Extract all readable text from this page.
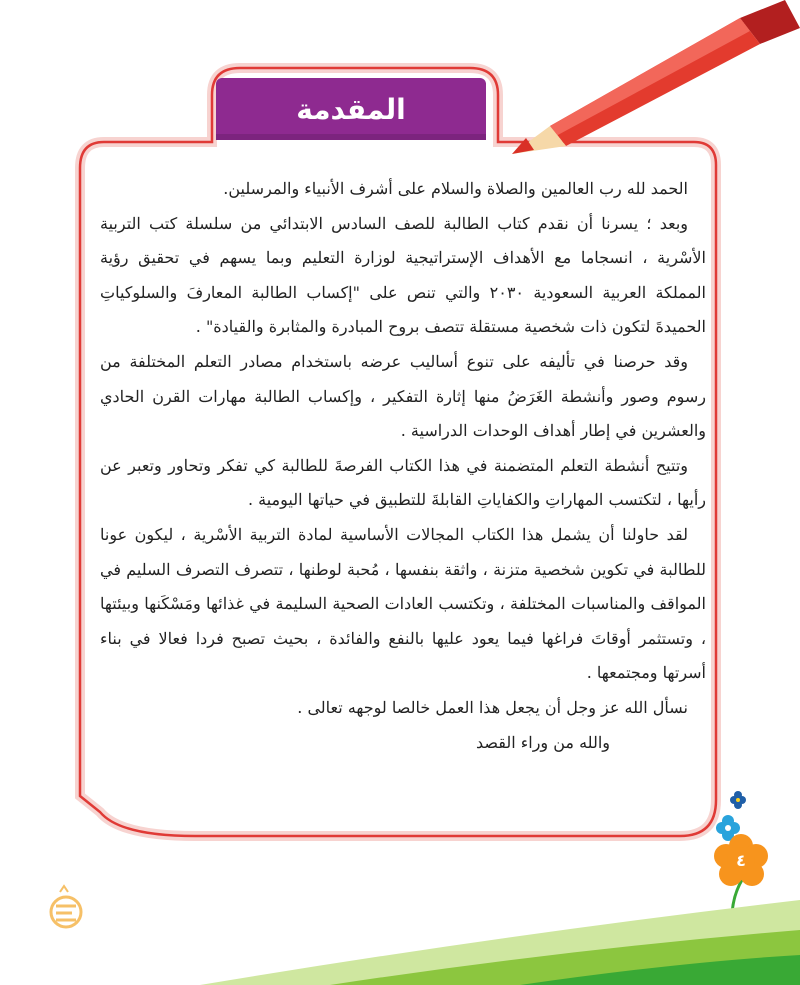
المقدمة

الحمد لله رب العالمين والصلاة والسلام على أشرف الأنبياء والمرسلين.

وبعد ؛ يسرنا أن نقدم كتاب الطالبة للصف السادس الابتدائي من سلسلة كتب التربية الأسْرية ، انسجاما مع الأهداف الإستراتيجية لوزارة التعليم وبما يسهم في تحقيق رؤية المملكة العربية السعودية ٢٠٣٠ والتي تنص على "إكساب الطالبة المعارفَ والسلوكياتِ الحميدةَ لتكون ذات شخصية مستقلة تتصف بروح المبادرة والمثابرة والقيادة" .

وقد حرصنا في تأليفه على تنوع أساليب عرضه باستخدام مصادر التعلم المختلفة من رسوم وصور وأنشطة الغَرَضُ منها إثارة التفكير ، وإكساب الطالبة مهارات القرن الحادي والعشرين في إطار أهداف الوحدات الدراسية .

وتتيح أنشطة التعلم المتضمنة في هذا الكتاب الفرصةَ للطالبة كي تفكر وتحاور وتعبر عن رأيها ، لتكتسب المهاراتِ والكفاياتِ القابلةَ للتطبيق في حياتها اليومية .

لقد حاولنا أن يشمل هذا الكتاب المجالات الأساسية لمادة التربية الأسْرية ، ليكون عونا للطالبة في تكوين شخصية متزنة ، واثقة بنفسها ، مُحبة لوطنها ، تتصرف التصرف السليم في المواقف والمناسبات المختلفة ، وتكتسب العادات الصحية السليمة في غذائها ومَسْكَنها وبيئتها ، وتستثمر أوقاتَ فراغها فيما يعود عليها بالنفع والفائدة ، بحيث تصبح فردا فعالا في بناء أسرتها ومجتمعها .

نسأل الله عز وجل أن يجعل هذا العمل خالصا لوجهه تعالى .

والله من وراء القصد

٤
